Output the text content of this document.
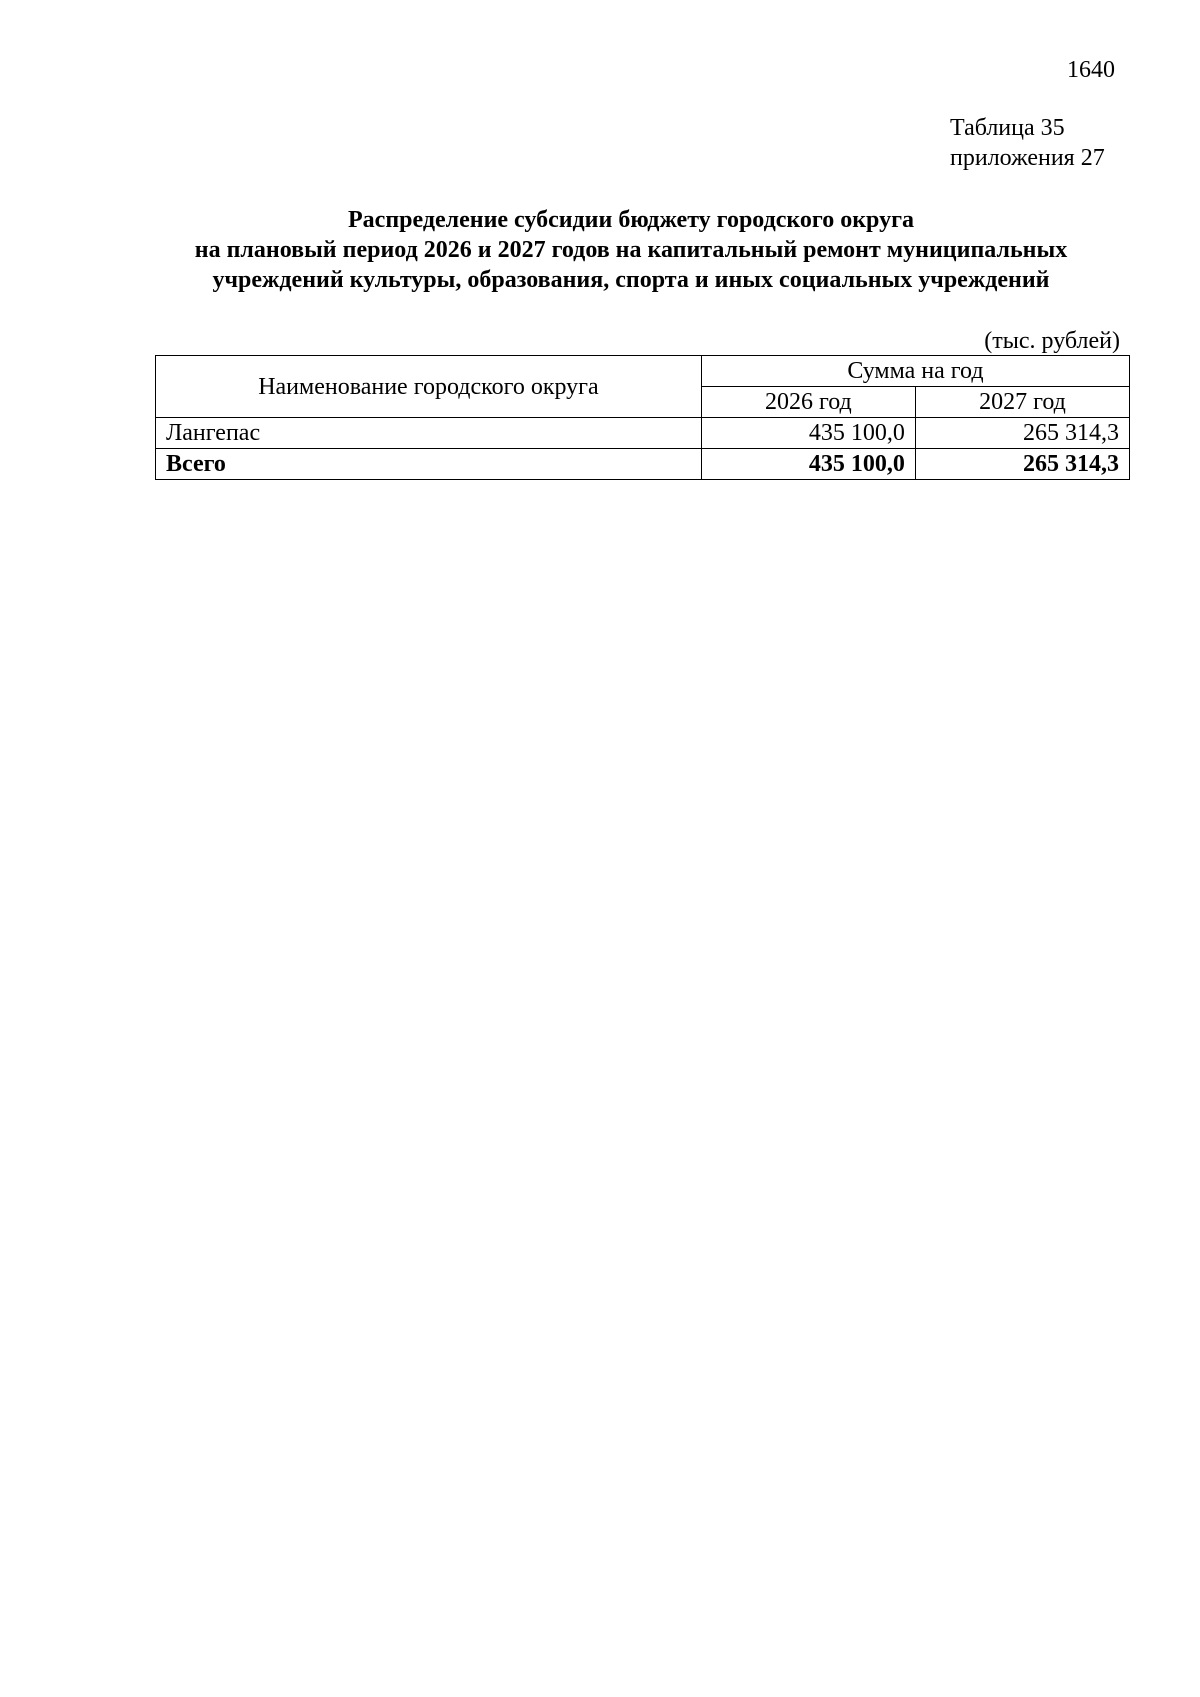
1640
Таблица 35
приложения 27
Распределение субсидии бюджету городского округа
на плановый период 2026 и 2027 годов на капитальный ремонт муниципальных
учреждений культуры, образования, спорта и иных социальных учреждений
(тыс. рублей)
Наименование городского округа	Сумма на год	
	2026 год	2027 год
Лангепас	435 100,0	265 314,3
Всего	435 100,0	265 314,3
